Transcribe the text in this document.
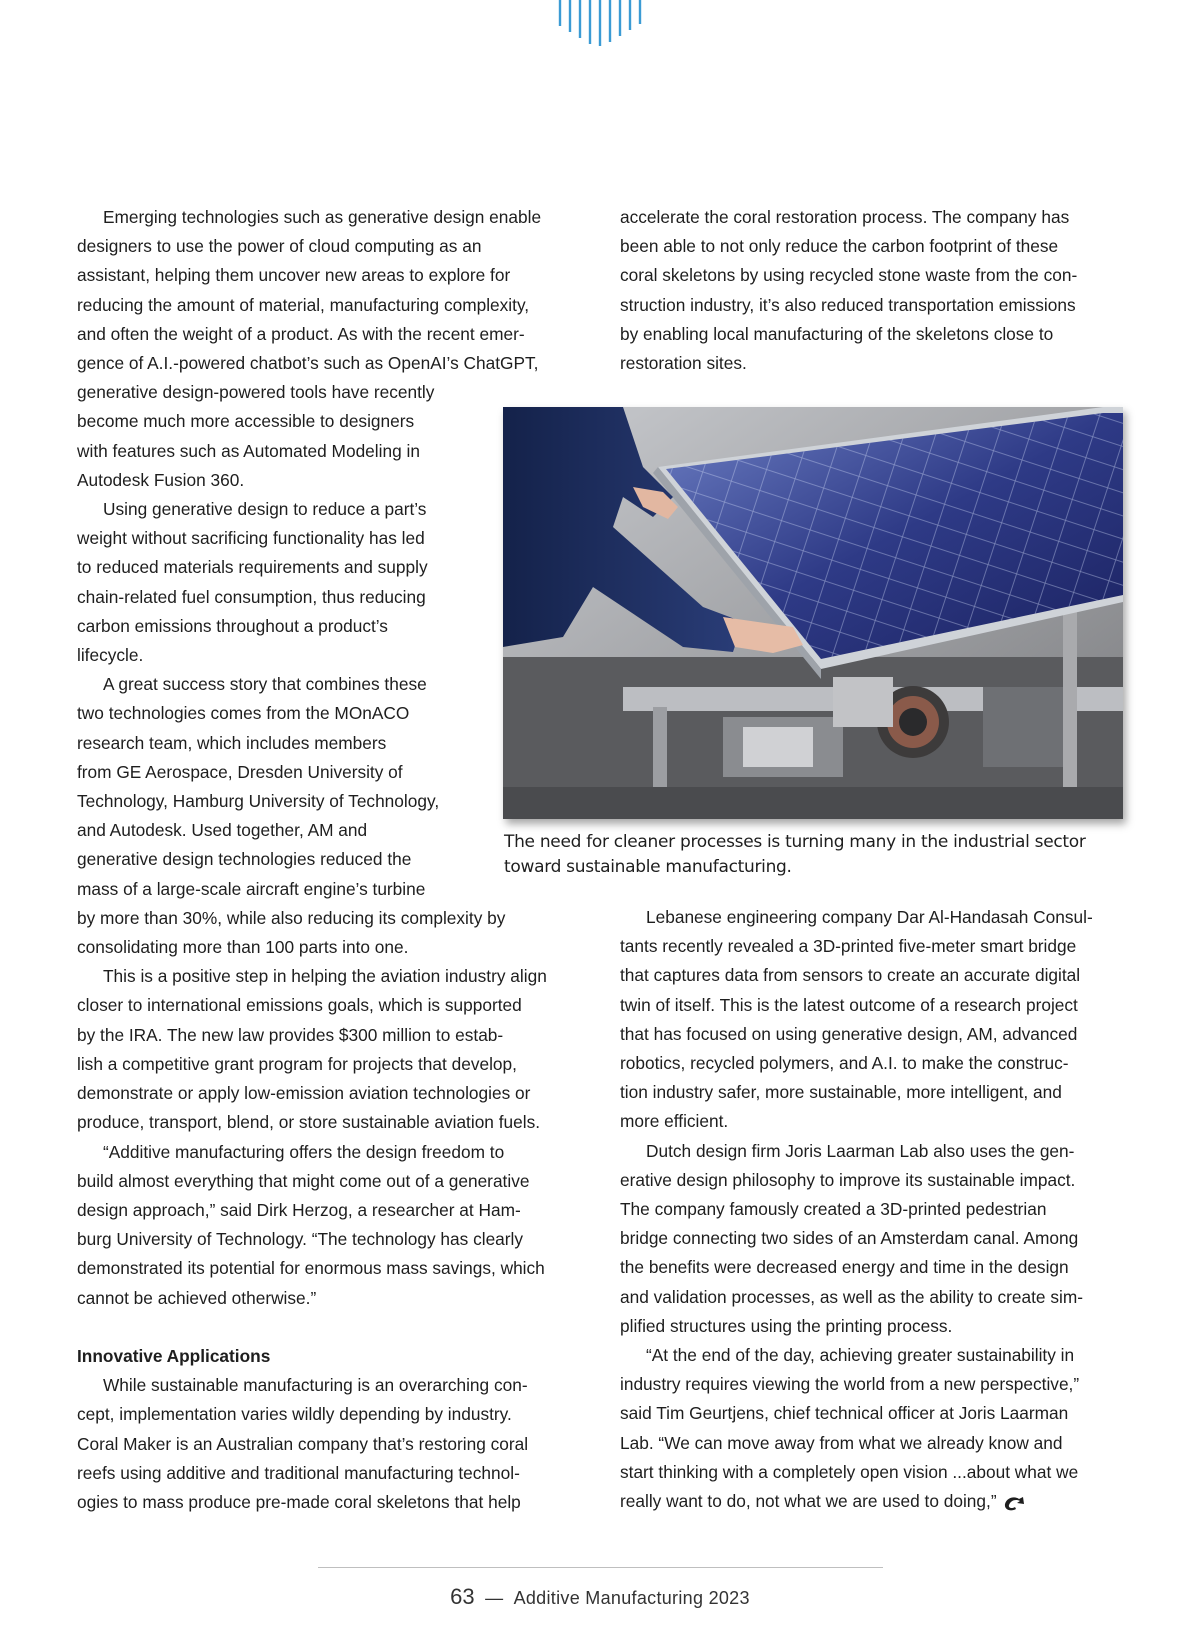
Emerging technologies such as generative design enable
designers to use the power of cloud computing as an
assistant, helping them uncover new areas to explore for
reducing the amount of material, manufacturing complexity,
and often the weight of a product. As with the recent emer-
gence of A.I.-powered chatbot’s such as OpenAI’s ChatGPT,
generative design-powered tools have recently
become much more accessible to designers
with features such as Automated Modeling in
Autodesk Fusion 360.

Using generative design to reduce a part’s
weight without sacrificing functionality has led
to reduced materials requirements and supply
chain-related fuel consumption, thus reducing
carbon emissions throughout a product’s
lifecycle.

A great success story that combines these
two technologies comes from the MOnACO
research team, which includes members
from GE Aerospace, Dresden University of
Technology, Hamburg University of Technology,
and Autodesk. Used together, AM and
generative design technologies reduced the
mass of a large-scale aircraft engine’s turbine
by more than 30%, while also reducing its complexity by
consolidating more than 100 parts into one.

This is a positive step in helping the aviation industry align
closer to international emissions goals, which is supported
by the IRA. The new law provides $300 million to estab-
lish a competitive grant program for projects that develop,
demonstrate or apply low-emission aviation technologies or
produce, transport, blend, or store sustainable aviation fuels.

“Additive manufacturing offers the design freedom to
build almost everything that might come out of a generative
design approach,” said Dirk Herzog, a researcher at Ham-
burg University of Technology. “The technology has clearly
demonstrated its potential for enormous mass savings, which
cannot be achieved otherwise.”

Innovative Applications

While sustainable manufacturing is an overarching con-
cept, implementation varies wildly depending by industry.
Coral Maker is an Australian company that’s restoring coral
reefs using additive and traditional manufacturing technol-
ogies to mass produce pre-made coral skeletons that help

accelerate the coral restoration process. The company has
been able to not only reduce the carbon footprint of these
coral skeletons by using recycled stone waste from the con-
struction industry, it’s also reduced transportation emissions
by enabling local manufacturing of the skeletons close to
restoration sites.

The need for cleaner processes is turning many in the industrial sector toward sustainable manufacturing.

Lebanese engineering company Dar Al-Handasah Consul-
tants recently revealed a 3D-printed five-meter smart bridge
that captures data from sensors to create an accurate digital
twin of itself. This is the latest outcome of a research project
that has focused on using generative design, AM, advanced
robotics, recycled polymers, and A.I. to make the construc-
tion industry safer, more sustainable, more intelligent, and
more efficient.

Dutch design firm Joris Laarman Lab also uses the gen-
erative design philosophy to improve its sustainable impact.
The company famously created a 3D-printed pedestrian
bridge connecting two sides of an Amsterdam canal. Among
the benefits were decreased energy and time in the design
and validation processes, as well as the ability to create sim-
plified structures using the printing process.

“At the end of the day, achieving greater sustainability in
industry requires viewing the world from a new perspective,”
said Tim Geurtjens, chief technical officer at Joris Laarman
Lab. “We can move away from what we already know and
start thinking with a completely open vision ...about what we
really want to do, not what we are used to doing,”

63 — Additive Manufacturing 2023
